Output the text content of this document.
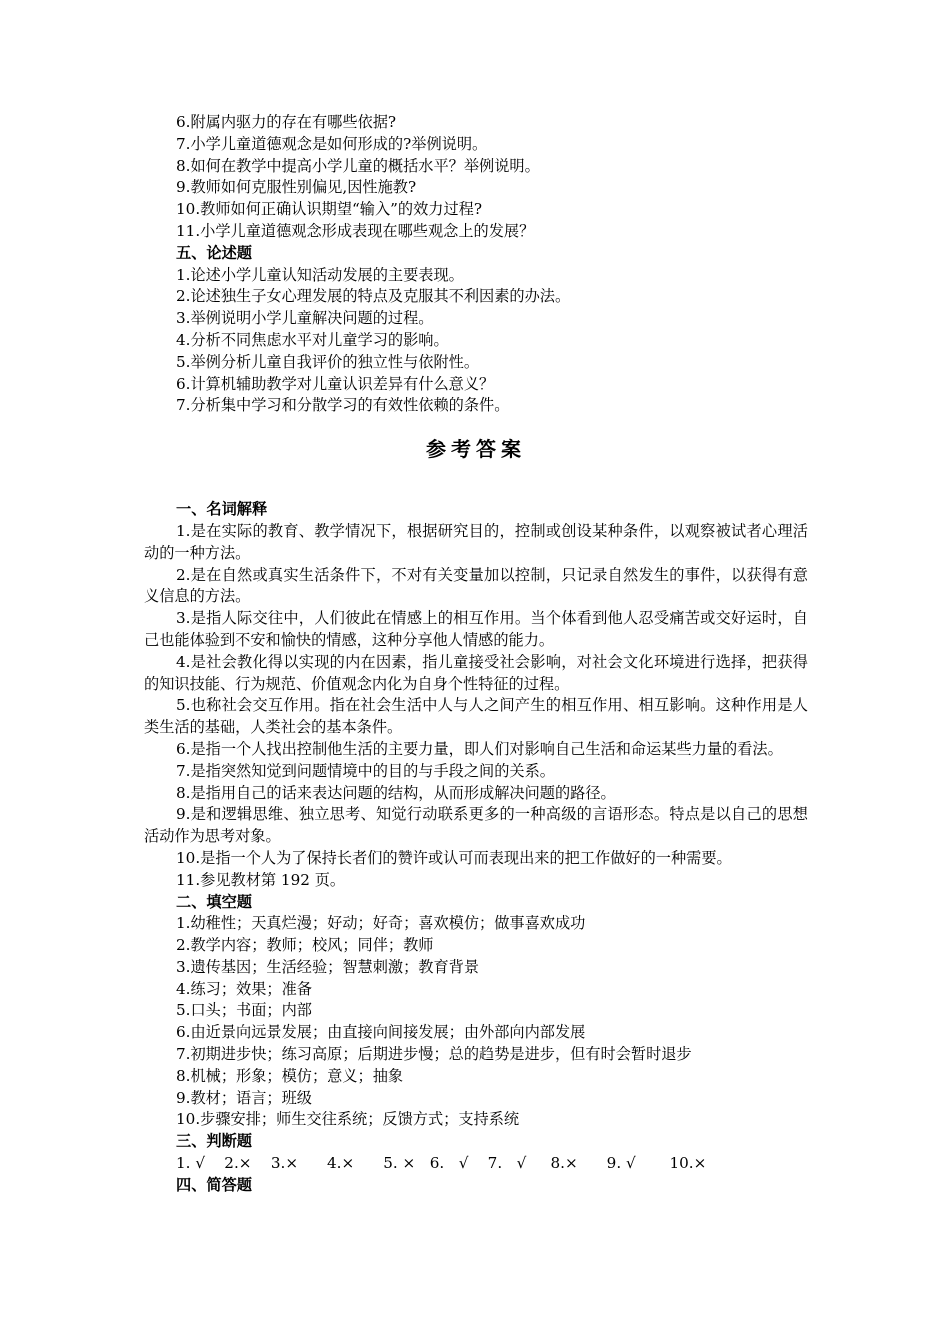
6.附属内驱力的存在有哪些依据?

7.小学儿童道德观念是如何形成的?举例说明。

8.如何在教学中提高小学儿童的概括水平？举例说明。

9.教师如何克服性别偏见,因性施教?

10.教师如何正确认识期望“输入”的效力过程?

11.小学儿童道德观念形成表现在哪些观念上的发展？

五、论述题

1.论述小学儿童认知活动发展的主要表现。

2.论述独生子女心理发展的特点及克服其不利因素的办法。

3.举例说明小学儿童解决问题的过程。

4.分析不同焦虑水平对儿童学习的影响。

5.举例分析儿童自我评价的独立性与依附性。

6.计算机辅助教学对儿童认识差异有什么意义？

7.分析集中学习和分散学习的有效性依赖的条件。

参考答案

一、名词解释

1.是在实际的教育、教学情况下，根据研究目的，控制或创设某种条件，以观察被试者心理活动的一种方法。

2.是在自然或真实生活条件下，不对有关变量加以控制，只记录自然发生的事件，以获得有意义信息的方法。

3.是指人际交往中，人们彼此在情感上的相互作用。当个体看到他人忍受痛苦或交好运时，自己也能体验到不安和愉快的情感，这种分享他人情感的能力。

4.是社会教化得以实现的内在因素，指儿童接受社会影响，对社会文化环境进行选择，把获得的知识技能、行为规范、价值观念内化为自身个性特征的过程。

5.也称社会交互作用。指在社会生活中人与人之间产生的相互作用、相互影响。这种作用是人类生活的基础，人类社会的基本条件。

6.是指一个人找出控制他生活的主要力量，即人们对影响自己生活和命运某些力量的看法。

7.是指突然知觉到问题情境中的目的与手段之间的关系。

8.是指用自己的话来表达问题的结构，从而形成解决问题的路径。

9.是和逻辑思维、独立思考、知觉行动联系更多的一种高级的言语形态。特点是以自己的思想活动作为思考对象。

10.是指一个人为了保持长者们的赞许或认可而表现出来的把工作做好的一种需要。

11.参见教材第 192 页。

二、填空题

1.幼稚性；天真烂漫；好动；好奇；喜欢模仿；做事喜欢成功

2.教学内容；教师；校风；同伴；教师

3.遗传基因；生活经验；智慧刺激；教育背景

4.练习；效果；准备

5.口头；书面；内部

6.由近景向远景发展；由直接向间接发展；由外部向内部发展

7.初期进步快；练习高原；后期进步慢；总的趋势是进步，但有时会暂时退步

8.机械；形象；模仿；意义；抽象

9.教材；语言；班级

10.步骤安排；师生交往系统；反馈方式；支持系统

三、判断题

1. √    2.×    3.×      4.×      5. ×   6.   √    7.   √     8.×      9. √       10.×

四、简答题
